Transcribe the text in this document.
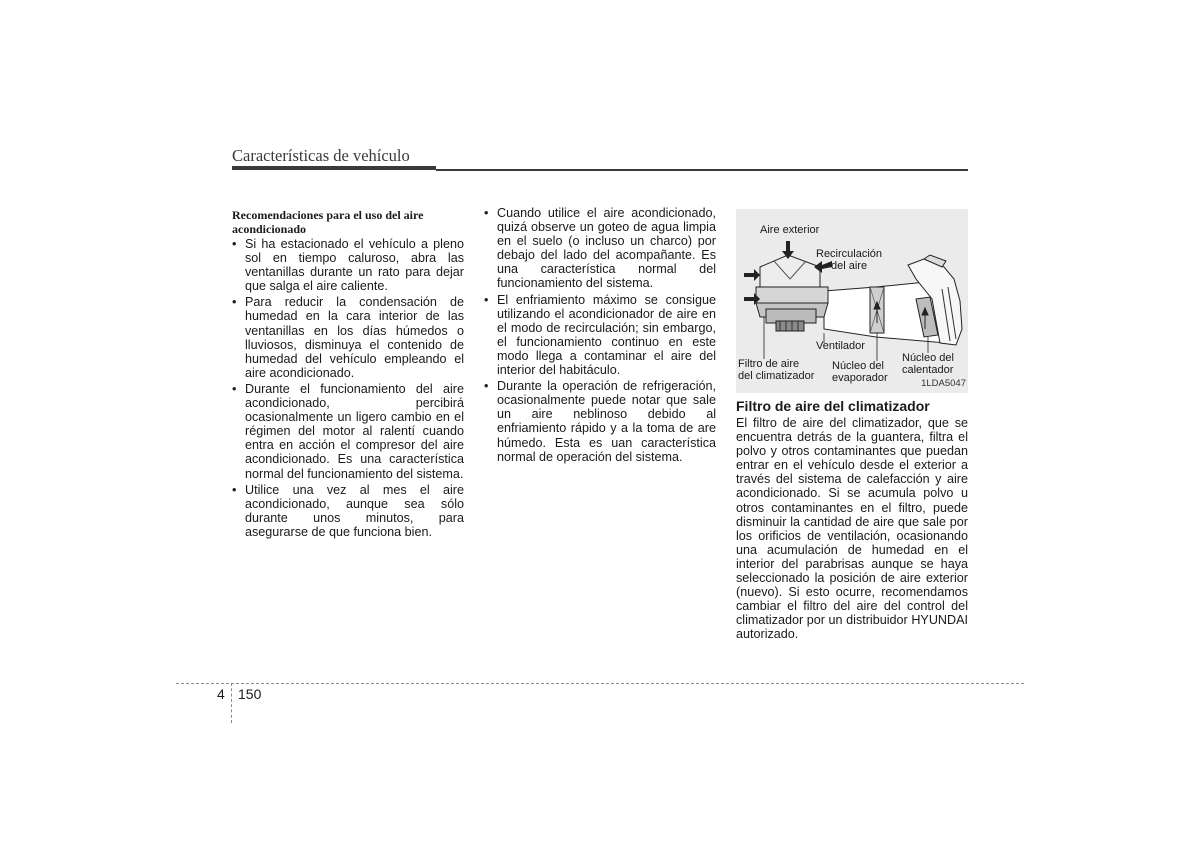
Características de vehículo
Recomendaciones para el uso del aire acondicionado
• Si ha estacionado el vehículo a pleno sol en tiempo caluroso, abra las ventanillas durante un rato para dejar que salga el aire caliente.
• Para reducir la condensación de humedad en la cara interior de las ventanillas en los días húmedos o lluviosos, disminuya el contenido de humedad del vehículo empleando el aire acondicionado.
• Durante el funcionamiento del aire acondicionado, percibirá ocasionalmente un ligero cambio en el régimen del motor al ralentí cuando entra en acción el compresor del aire acondicionado. Es una característica normal del funcionamiento del sistema.
• Utilice una vez al mes el aire acondicionado, aunque sea sólo durante unos minutos, para asegurarse de que funciona bien.
• Cuando utilice el aire acondicionado, quizá observe un goteo de agua limpia en el suelo (o incluso un charco) por debajo del lado del acompañante. Es una característica normal del funcionamiento del sistema.
• El enfriamiento máximo se consigue utilizando el acondicionador de aire en el modo de recirculación; sin embargo, el funcionamiento continuo en este modo llega a contaminar el aire del interior del habitáculo.
• Durante la operación de refrigeración, ocasionalmente puede notar que sale un aire neblinoso debido al enfriamiento rápido y a la toma de are húmedo. Esta es uan característica normal de operación del sistema.
Aire exterior
Recirculación
del aire
Ventilador
Filtro de aire
del climatizador
Núcleo del
evaporador
Núcleo del
calentador
1LDA5047
Filtro de aire del climatizador
El filtro de aire del climatizador, que se encuentra detrás de la guantera, filtra el polvo y otros contaminantes que puedan entrar en el vehículo desde el exterior a través del sistema de calefacción y aire acondicionado. Si se acumula polvo u otros contaminantes en el filtro, puede disminuir la cantidad de aire que sale por los orificios de ventilación, ocasionando una acumulación de humedad en el interior del parabrisas aunque se haya seleccionado la posición de aire exterior (nuevo). Si esto ocurre, recomendamos cambiar el filtro del aire del control del climatizador por un distribuidor HYUNDAI autorizado.
4 150
